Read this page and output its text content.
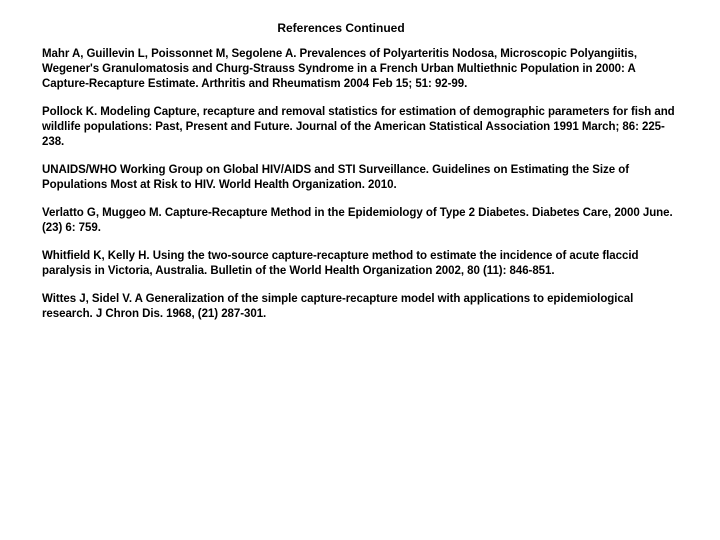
References Continued

Mahr A, Guillevin L, Poissonnet M, Segolene A. Prevalences of Polyarteritis Nodosa, Microscopic Polyangiitis, Wegener's Granulomatosis and Churg-Strauss Syndrome in a French Urban Multiethnic Population in 2000: A Capture-Recapture Estimate. Arthritis and Rheumatism 2004 Feb 15; 51: 92-99.

Pollock K. Modeling Capture, recapture and removal statistics for estimation of demographic parameters for fish and wildlife populations: Past, Present and Future. Journal of the American Statistical Association 1991 March; 86: 225-238.

UNAIDS/WHO Working Group on Global HIV/AIDS and STI Surveillance. Guidelines on Estimating the Size of Populations Most at Risk to HIV. World Health Organization. 2010.

Verlatto G, Muggeo M. Capture-Recapture Method in the Epidemiology of Type 2 Diabetes. Diabetes Care, 2000 June. (23) 6: 759.

Whitfield K, Kelly H. Using the two-source capture-recapture method to estimate the incidence of acute flaccid paralysis in Victoria, Australia. Bulletin of the World Health Organization 2002, 80 (11): 846-851.

Wittes J, Sidel V. A Generalization of the simple capture-recapture model with applications to epidemiological research. J Chron Dis. 1968, (21) 287-301.
